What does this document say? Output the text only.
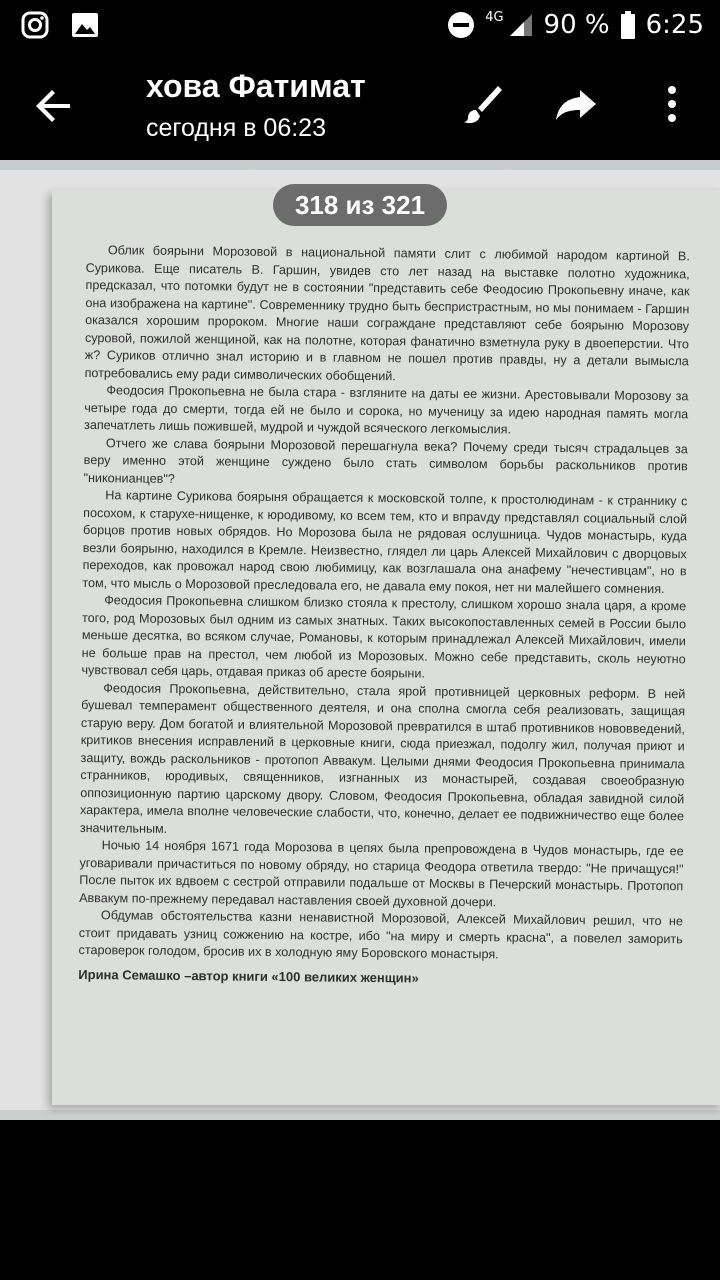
4G 90 % 6:25
хова Фатимат
сегодня в 06:23

Облик боярыни Морозовой в национальной памяти слит с любимой народом картиной В. Сурикова. Еще писатель В. Гаршин, увидев сто лет назад на выставке полотно художника, предсказал, что потомки будут не в состоянии "представить себе Феодосию Прокопьевну иначе, как она изображена на картине". Современнику трудно быть беспристрастным, но мы понимаем - Гаршин оказался хорошим пророком. Многие наши сограждане представляют себе боярыню Морозову суровой, пожилой женщиной, как на полотне, которая фанатично взметнула руку в двоеперстии. Что ж? Суриков отлично знал историю и в главном не пошел против правды, ну а детали вымысла потребовались ему ради символических обобщений.

Феодосия Прокопьевна не была стара - взгляните на даты ее жизни. Арестовывали Морозову за четыре года до смерти, тогда ей не было и сорока, но мученицу за идею народная память могла запечатлеть лишь пожившей, мудрой и чуждой всяческого легкомыслия.

Отчего же слава боярыни Морозовой перешагнула века? Почему среди тысяч страдальцев за веру именно этой женщине суждено было стать символом борьбы раскольников против "никонианцев"?

На картине Сурикова боярыня обращается к московской толпе, к простолюдинам - к страннику с посохом, к старухе-нищенке, к юродивому, ко всем тем, кто и впрavду представлял социальный слой борцов против новых обрядов. Но Морозова была не рядовая ослушница. Чудов монастырь, куда везли боярыню, находился в Кремле. Неизвестно, глядел ли царь Алексей Михайлович с дворцовых переходов, как провожал народ свою любимицу, как возглашала она анафему "нечестивцам", но в том, что мысль о Морозовой преследовала его, не давала ему покоя, нет ни малейшего сомнения.

Феодосия Прокопьевна слишком близко стояла к престолу, слишком хорошо знала царя, а кроме того, род Морозовых был одним из самых знатных. Таких высокопоставленных семей в России было меньше десятка, во всяком случае, Романовы, к которым принадлежал Алексей Михайлович, имели не больше прав на престол, чем любой из Морозовых. Можно себе представить, сколь неуютно чувствовал себя царь, отдавая приказ об аресте боярыни.

Феодосия Прокопьевна, действительно, стала ярой противницей церковных реформ. В ней бушевал темперамент общественного деятеля, и она сполна смогла себя реализовать, защищая старую веру. Дом богатой и влиятельной Морозовой превратился в штаб противников нововведений, критиков внесения исправлений в церковные книги, сюда приезжал, подолгу жил, получая приют и защиту, вождь раскольников - протопоп Аввакум. Целыми днями Феодосия Прокопьевна принимала странников, юродивых, священников, изгнанных из монастырей, создавая своеобразную оппозиционную партию царскому двору. Словом, Феодосия Прокопьевна, обладая завидной силой характера, имела вполне человеческие слабости, что, конечно, делает ее подвижничество еще более значительным.

Ночью 14 ноября 1671 года Морозова в цепях была препровождена в Чудов монастырь, где ее уговаривали причаститься по новому обряду, но старица Феодора ответила твердо: "Не причащуся!" После пыток их вдвоем с сестрой отправили подальше от Москвы в Печерский монастырь. Протопоп Аввакум по-прежнему передавал наставления своей духовной дочери.

Обдумав обстоятельства казни ненавистной Морозовой, Алексей Михайлович решил, что не стоит придавать узниц сожжению на костре, ибо "на миру и смерть красна", а повелел заморить староверок голодом, бросив их в холодную яму Боровского монастыря.

Ирина Семашко –автор книги «100 великих женщин»

318 из 321
